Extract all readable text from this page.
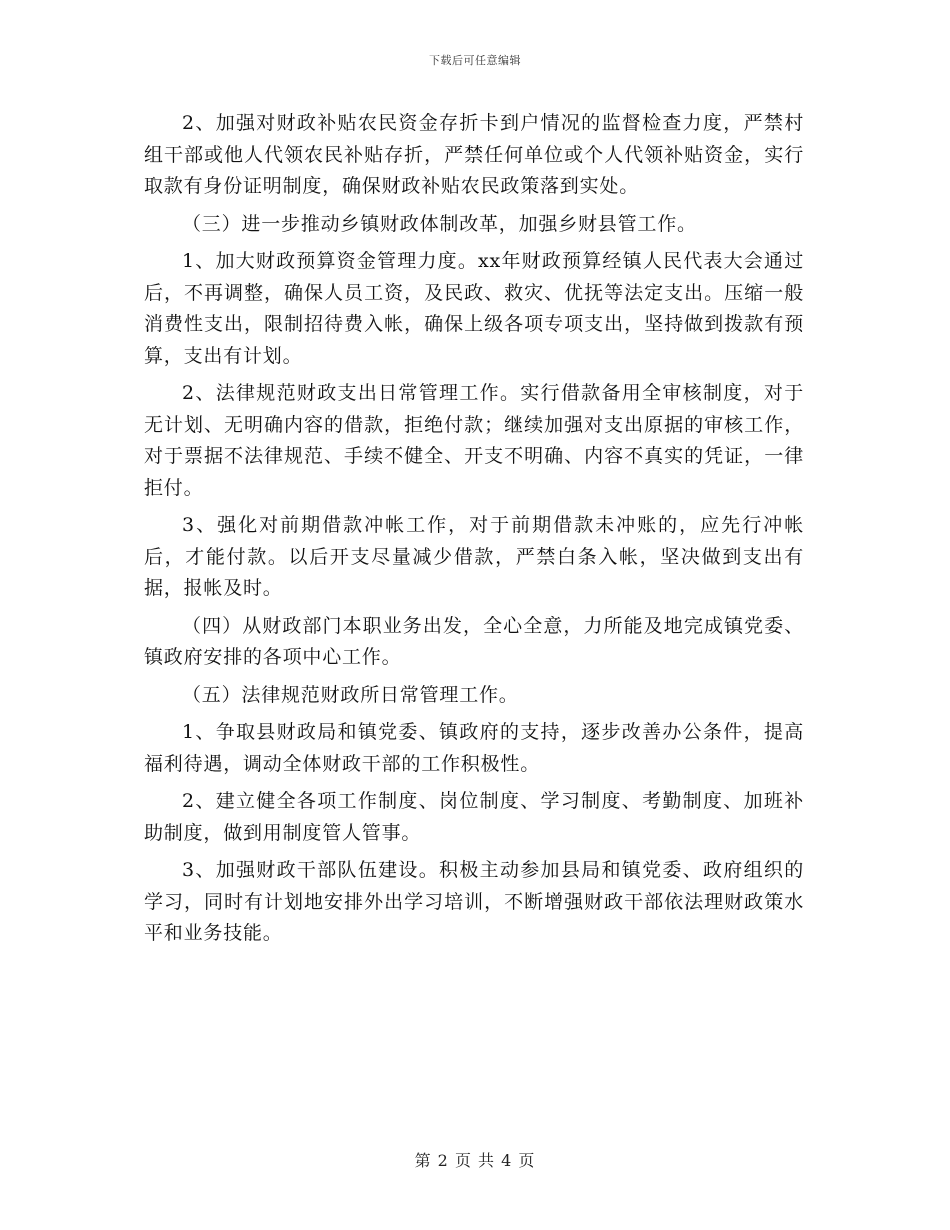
下载后可任意编辑

2、加强对财政补贴农民资金存折卡到户情况的监督检查力度，严禁村组干部或他人代领农民补贴存折，严禁任何单位或个人代领补贴资金，实行取款有身份证明制度，确保财政补贴农民政策落到实处。

（三）进一步推动乡镇财政体制改革，加强乡财县管工作。

1、加大财政预算资金管理力度。xx年财政预算经镇人民代表大会通过后，不再调整，确保人员工资，及民政、救灾、优抚等法定支出。压缩一般消费性支出，限制招待费入帐，确保上级各项专项支出，坚持做到拨款有预算，支出有计划。

2、法律规范财政支出日常管理工作。实行借款备用全审核制度，对于无计划、无明确内容的借款，拒绝付款；继续加强对支出原据的审核工作，对于票据不法律规范、手续不健全、开支不明确、内容不真实的凭证，一律拒付。

3、强化对前期借款冲帐工作，对于前期借款未冲账的，应先行冲帐后，才能付款。以后开支尽量减少借款，严禁白条入帐，坚决做到支出有据，报帐及时。

（四）从财政部门本职业务出发，全心全意，力所能及地完成镇党委、镇政府安排的各项中心工作。

（五）法律规范财政所日常管理工作。

1、争取县财政局和镇党委、镇政府的支持，逐步改善办公条件，提高福利待遇，调动全体财政干部的工作积极性。

2、建立健全各项工作制度、岗位制度、学习制度、考勤制度、加班补助制度，做到用制度管人管事。

3、加强财政干部队伍建设。积极主动参加县局和镇党委、政府组织的学习，同时有计划地安排外出学习培训，不断增强财政干部依法理财政策水平和业务技能。

第 2 页 共 4 页
